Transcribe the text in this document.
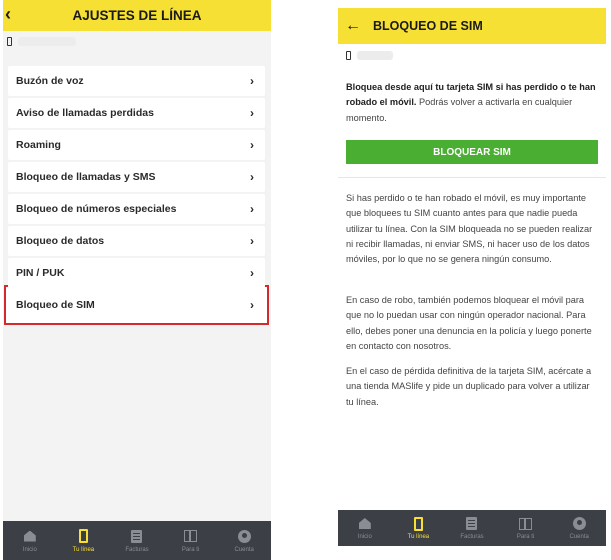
‹	AJUSTES DE LÍNEA
Buzón de voz	›
Aviso de llamadas perdidas	›
Roaming	›
Bloqueo de llamadas y SMS	›
Bloqueo de números especiales	›
Bloqueo de datos	›
PIN / PUK	›
Bloqueo de SIM	›
Inicio	Tu línea	Facturas	Para ti	Cuenta
← BLOQUEO DE SIM
Bloquea desde aquí tu tarjeta SIM si has perdido o te han robado el móvil. Podrás volver a activarla en cualquier momento.
BLOQUEAR SIM

Si has perdido o te han robado el móvil, es muy importante que bloquees tu SIM cuanto antes para que nadie pueda utilizar tu línea. Con la SIM bloqueada no se pueden realizar ni recibir llamadas, ni enviar SMS, ni hacer uso de los datos móviles, por lo que no se genera ningún consumo.

En caso de robo, también podemos bloquear el móvil para que no lo puedan usar con ningún operador nacional. Para ello, debes poner una denuncia en la policía y luego ponerte en contacto con nosotros.

En el caso de pérdida definitiva de la tarjeta SIM, acércate a una tienda MASlife y pide un duplicado para volver a utilizar tu línea.

Inicio	Tu línea	Facturas	Para ti	Cuenta
